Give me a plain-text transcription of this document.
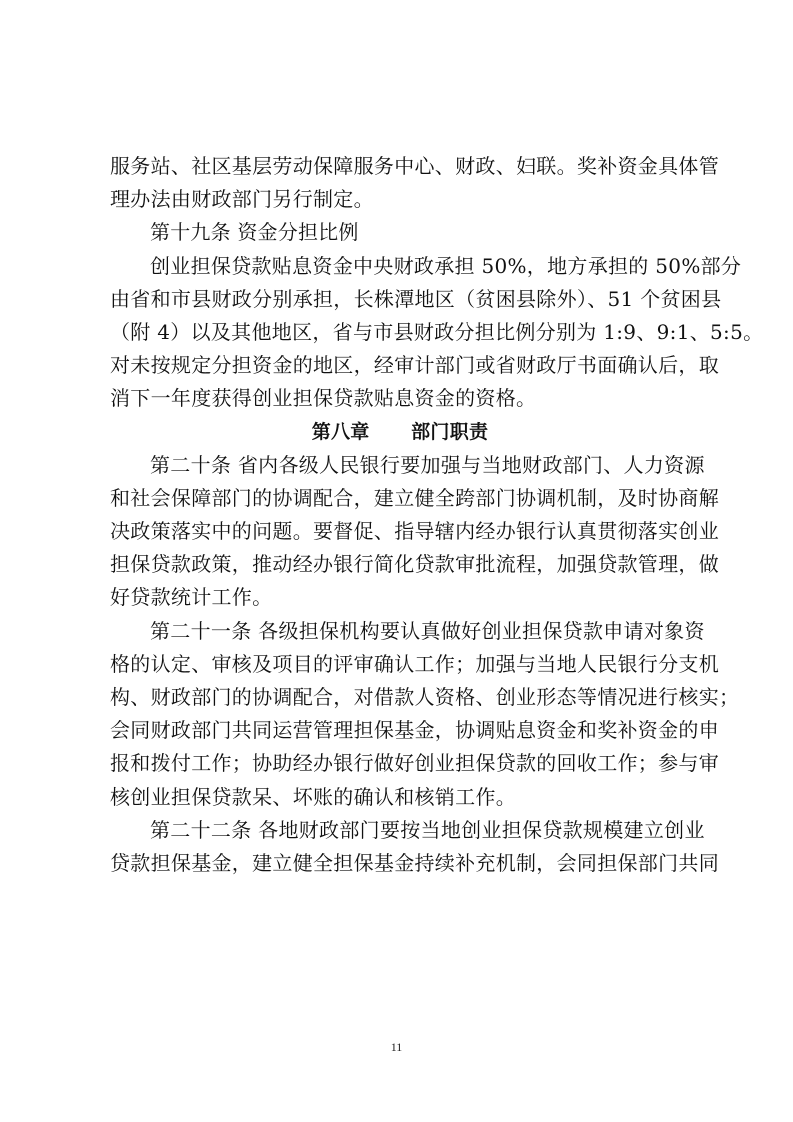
服务站、社区基层劳动保障服务中心、财政、妇联。奖补资金具体管
理办法由财政部门另行制定。
第十九条 资金分担比例
创业担保贷款贴息资金中央财政承担 50%，地方承担的 50%部分
由省和市县财政分别承担，长株潭地区（贫困县除外）、51 个贫困县
（附 4）以及其他地区，省与市县财政分担比例分别为 1:9、9:1、5:5。
对未按规定分担资金的地区，经审计部门或省财政厅书面确认后，取
消下一年度获得创业担保贷款贴息资金的资格。
第八章      部门职责
第二十条 省内各级人民银行要加强与当地财政部门、人力资源
和社会保障部门的协调配合，建立健全跨部门协调机制，及时协商解
决政策落实中的问题。要督促、指导辖内经办银行认真贯彻落实创业
担保贷款政策，推动经办银行简化贷款审批流程，加强贷款管理，做
好贷款统计工作。
第二十一条 各级担保机构要认真做好创业担保贷款申请对象资
格的认定、审核及项目的评审确认工作；加强与当地人民银行分支机
构、财政部门的协调配合，对借款人资格、创业形态等情况进行核实；
会同财政部门共同运营管理担保基金，协调贴息资金和奖补资金的申
报和拨付工作；协助经办银行做好创业担保贷款的回收工作；参与审
核创业担保贷款呆、坏账的确认和核销工作。
第二十二条 各地财政部门要按当地创业担保贷款规模建立创业
贷款担保基金，建立健全担保基金持续补充机制，会同担保部门共同
11
